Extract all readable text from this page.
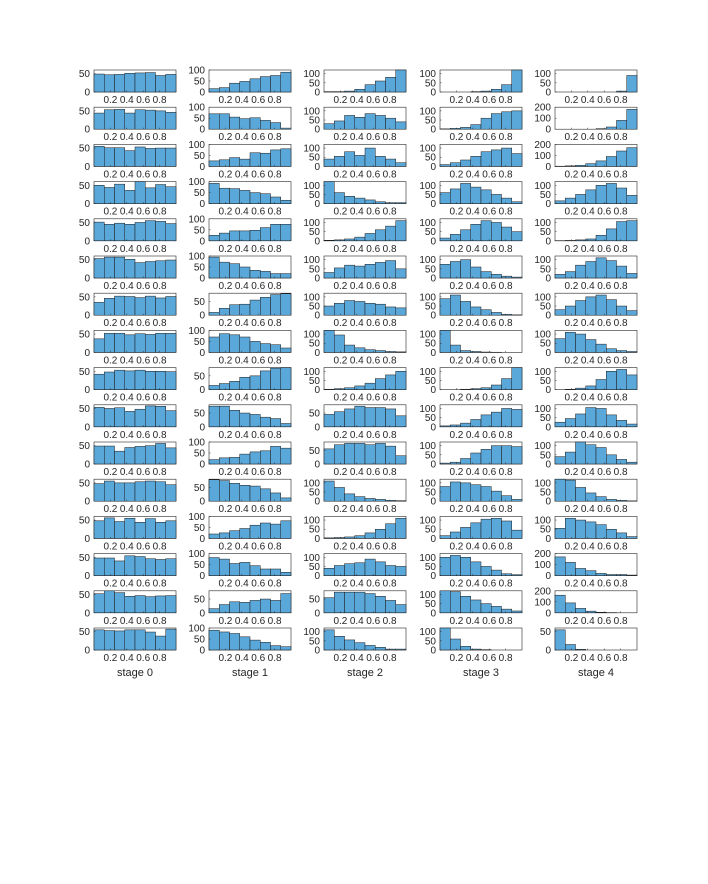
0.2 0.4 0.6 0.8
0
50
0.2 0.4 0.6 0.8
0
50
0.2 0.4 0.6 0.8
0
50
0.2 0.4 0.6 0.8
0
50
0.2 0.4 0.6 0.8
0
50
0.2 0.4 0.6 0.8
0
50
0.2 0.4 0.6 0.8
0
50
0.2 0.4 0.6 0.8
0
50
0.2 0.4 0.6 0.8
0
50
0.2 0.4 0.6 0.8
0
50
0.2 0.4 0.6 0.8
0
50
0.2 0.4 0.6 0.8
0
50
0.2 0.4 0.6 0.8
0
50
0.2 0.4 0.6 0.8
0
50
0.2 0.4 0.6 0.8
0
50
0.2 0.4 0.6 0.8
0
50
stage 0
0.2 0.4 0.6 0.8
0
50
100
0.2 0.4 0.6 0.8
0
50
100
0.2 0.4 0.6 0.8
0
50
100
0.2 0.4 0.6 0.8
0
50
100
0.2 0.4 0.6 0.8
0
50
100
0.2 0.4 0.6 0.8
0
50
100
0.2 0.4 0.6 0.8
0
50
0.2 0.4 0.6 0.8
0
50
100
0.2 0.4 0.6 0.8
0
50
0.2 0.4 0.6 0.8
0
50
0.2 0.4 0.6 0.8
0
50
100
0.2 0.4 0.6 0.8
0
50
0.2 0.4 0.6 0.8
0
50
100
0.2 0.4 0.6 0.8
0
50
100
0.2 0.4 0.6 0.8
0
50
0.2 0.4 0.6 0.8
0
50
100
stage 1
0.2 0.4 0.6 0.8
0
50
100
0.2 0.4 0.6 0.8
0
50
100
0.2 0.4 0.6 0.8
0
50
100
0.2 0.4 0.6 0.8
0
50
100
0.2 0.4 0.6 0.8
0
50
100
0.2 0.4 0.6 0.8
0
50
100
0.2 0.4 0.6 0.8
0
50
100
0.2 0.4 0.6 0.8
0
50
100
0.2 0.4 0.6 0.8
0
50
100
0.2 0.4 0.6 0.8
0
50
0.2 0.4 0.6 0.8
0
50
0.2 0.4 0.6 0.8
0
50
100
0.2 0.4 0.6 0.8
0
50
100
0.2 0.4 0.6 0.8
0
50
100
0.2 0.4 0.6 0.8
0
50
0.2 0.4 0.6 0.8
0
50
100
stage 2
0.2 0.4 0.6 0.8
0
50
100
0.2 0.4 0.6 0.8
0
50
100
0.2 0.4 0.6 0.8
0
50
100
0.2 0.4 0.6 0.8
0
50
100
0.2 0.4 0.6 0.8
0
50
100
0.2 0.4 0.6 0.8
0
50
100
0.2 0.4 0.6 0.8
0
50
100
0.2 0.4 0.6 0.8
0
50
100
0.2 0.4 0.6 0.8
0
50
100
0.2 0.4 0.6 0.8
0
50
100
0.2 0.4 0.6 0.8
0
50
100
0.2 0.4 0.6 0.8
0
50
100
0.2 0.4 0.6 0.8
0
50
100
0.2 0.4 0.6 0.8
0
50
100
0.2 0.4 0.6 0.8
0
50
100
0.2 0.4 0.6 0.8
0
50
100
stage 3
0.2 0.4 0.6 0.8
0
50
100
0.2 0.4 0.6 0.8
0
100
200
0.2 0.4 0.6 0.8
0
100
200
0.2 0.4 0.6 0.8
0
50
100
0.2 0.4 0.6 0.8
0
50
100
0.2 0.4 0.6 0.8
0
50
100
0.2 0.4 0.6 0.8
0
50
100
0.2 0.4 0.6 0.8
0
50
100
0.2 0.4 0.6 0.8
0
50
100
0.2 0.4 0.6 0.8
0
50
100
0.2 0.4 0.6 0.8
0
50
100
0.2 0.4 0.6 0.8
0
50
100
0.2 0.4 0.6 0.8
0
50
100
0.2 0.4 0.6 0.8
0
100
200
0.2 0.4 0.6 0.8
0
100
200
0.2 0.4 0.6 0.8
0
50
stage 4
